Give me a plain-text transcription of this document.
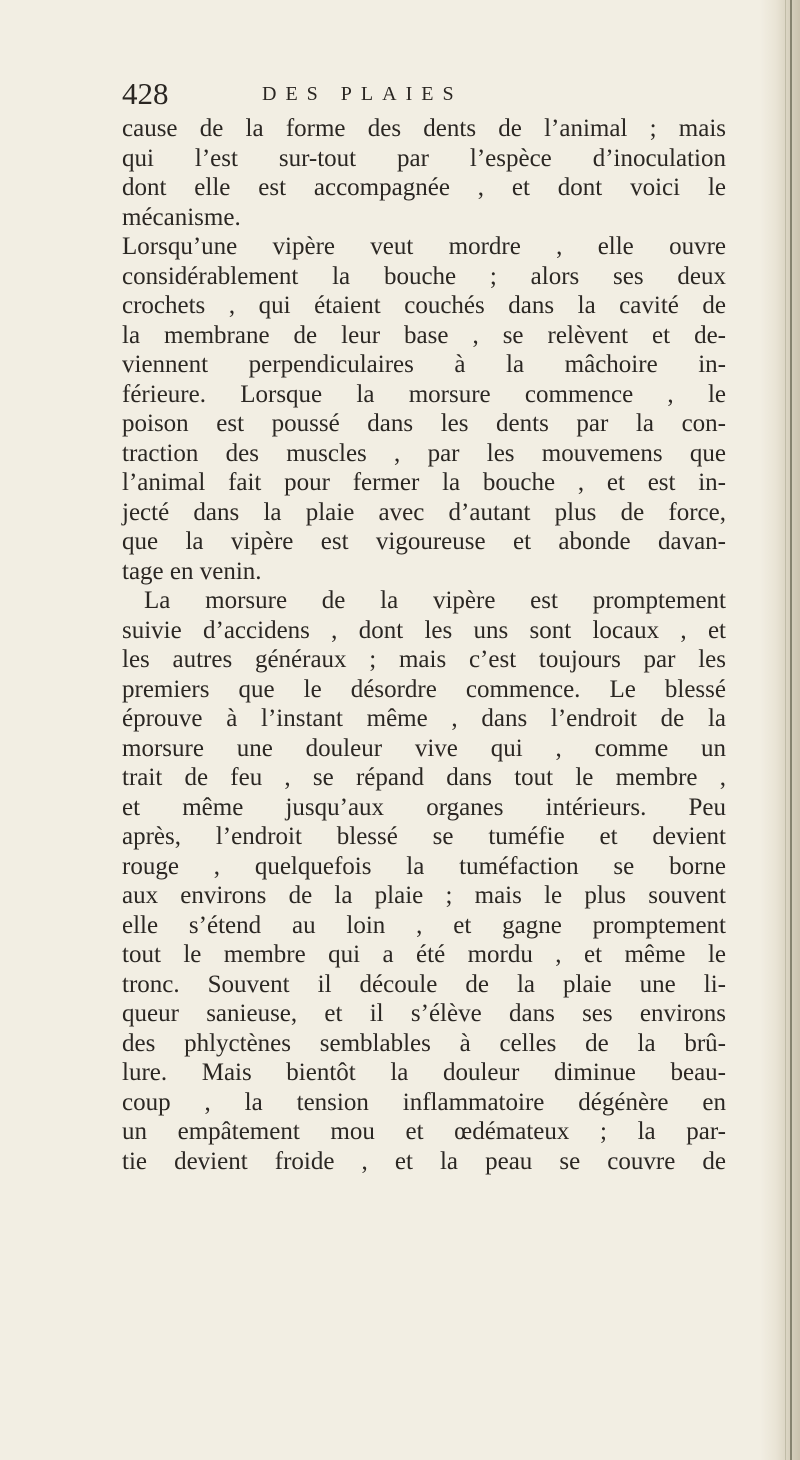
428	DES PLAIES
cause de la forme des dents de l’animal ; mais
qui l’est sur-tout par l’espèce d’inoculation
dont elle est accompagnée , et dont voici le
mécanisme.
Lorsqu’une vipère veut mordre , elle ouvre
considérablement la bouche ; alors ses deux
crochets , qui étaient couchés dans la cavité de
la membrane de leur base , se relèvent et de-
viennent perpendiculaires à la mâchoire in-
férieure. Lorsque la morsure commence , le
poison est poussé dans les dents par la con-
traction des muscles , par les mouvemens que
l’animal fait pour fermer la bouche , et est in-
jecté dans la plaie avec d’autant plus de force,
que la vipère est vigoureuse et abonde davan-
tage en venin.
La morsure de la vipère est promptement
suivie d’accidens , dont les uns sont locaux , et
les autres généraux ; mais c’est toujours par les
premiers que le désordre commence. Le blessé
éprouve à l’instant même , dans l’endroit de la
morsure une douleur vive qui , comme un
trait de feu , se répand dans tout le membre ,
et même jusqu’aux organes intérieurs. Peu
après, l’endroit blessé se tuméfie et devient
rouge , quelquefois la tuméfaction se borne
aux environs de la plaie ; mais le plus souvent
elle s’étend au loin , et gagne promptement
tout le membre qui a été mordu , et même le
tronc. Souvent il découle de la plaie une li-
queur sanieuse, et il s’élève dans ses environs
des phlyctènes semblables à celles de la brû-
lure. Mais bientôt la douleur diminue beau-
coup , la tension inflammatoire dégénère en
un empâtement mou et œdémateux ; la par-
tie devient froide , et la peau se couvre de
